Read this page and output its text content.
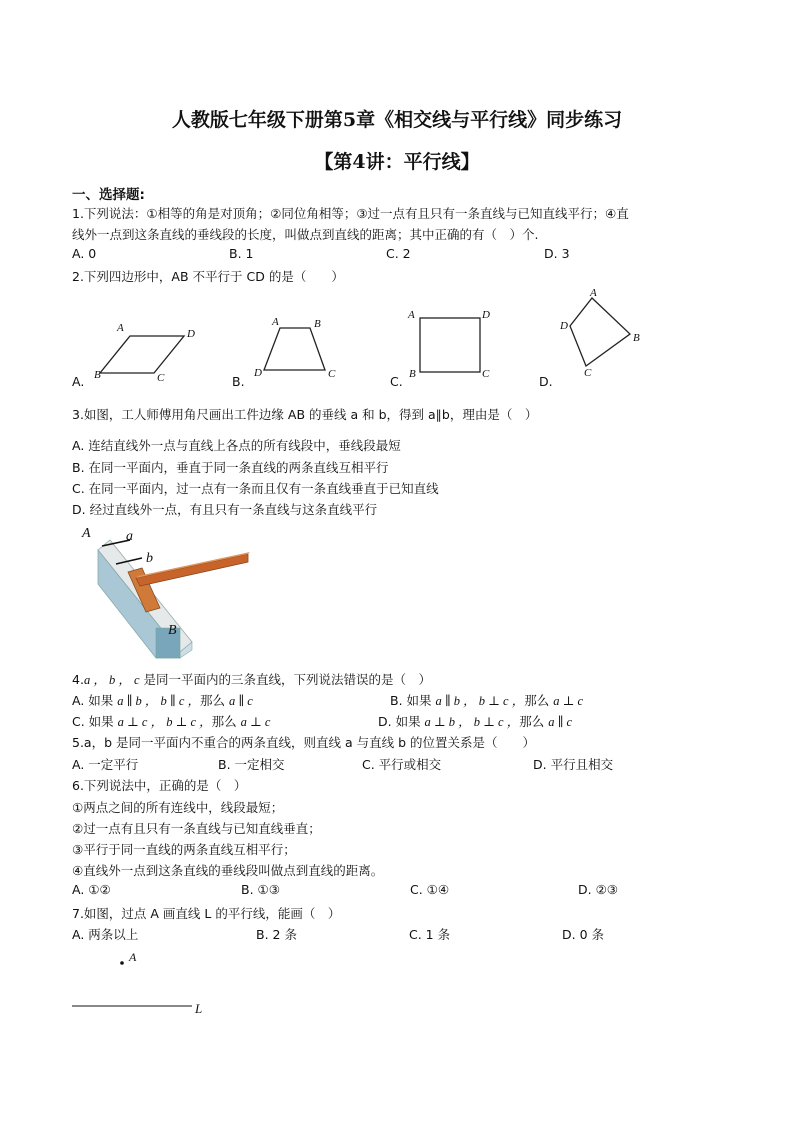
人教版七年级下册第5章《相交线与平行线》同步练习
【第4讲：平行线】
一、选择题:
1.下列说法：①相等的角是对顶角；②同位角相等；③过一点有且只有一条直线与已知直线平行；④直
线外一点到这条直线的垂线段的长度，叫做点到直线的距离；其中正确的有（　）个.
A. 0	B. 1	C. 2	D. 3
2.下列四边形中，AB 不平行于 CD 的是（　　）
A	D
B	C
A.
A	B
D	C
B.
A	D
B	C
C.
A
D
B
C
D.
3.如图，工人师傅用角尺画出工件边缘 AB 的垂线 a 和 b，得到 a∥b，理由是（　）
A. 连结直线外一点与直线上各点的所有线段中，垂线段最短
B. 在同一平面内，垂直于同一条直线的两条直线互相平行
C. 在同一平面内，过一点有一条而且仅有一条直线垂直于已知直线
D. 经过直线外一点，有且只有一条直线与这条直线平行
A	a
b
B
4.a ， b ， c 是同一平面内的三条直线，下列说法错误的是（　）
A. 如果 a ∥ b ， b ∥ c ，那么 a ∥ c	B. 如果 a ∥ b ， b ⊥ c ，那么 a ⊥ c
C. 如果 a ⊥ c ， b ⊥ c ，那么 a ⊥ c	D. 如果 a ⊥ b ， b ⊥ c ，那么 a ∥ c
5.a，b 是同一平面内不重合的两条直线，则直线 a 与直线 b 的位置关系是（　　）
A. 一定平行	B. 一定相交	C. 平行或相交	D. 平行且相交
6.下列说法中，正确的是（　）
①两点之间的所有连线中，线段最短；
②过一点有且只有一条直线与已知直线垂直；
③平行于同一直线的两条直线互相平行；
④直线外一点到这条直线的垂线段叫做点到直线的距离。
A. ①②	B. ①③	C. ①④	D. ②③
7.如图，过点 A 画直线 L 的平行线，能画（　）
A. 两条以上	B. 2 条	C. 1 条	D. 0 条
A
L
